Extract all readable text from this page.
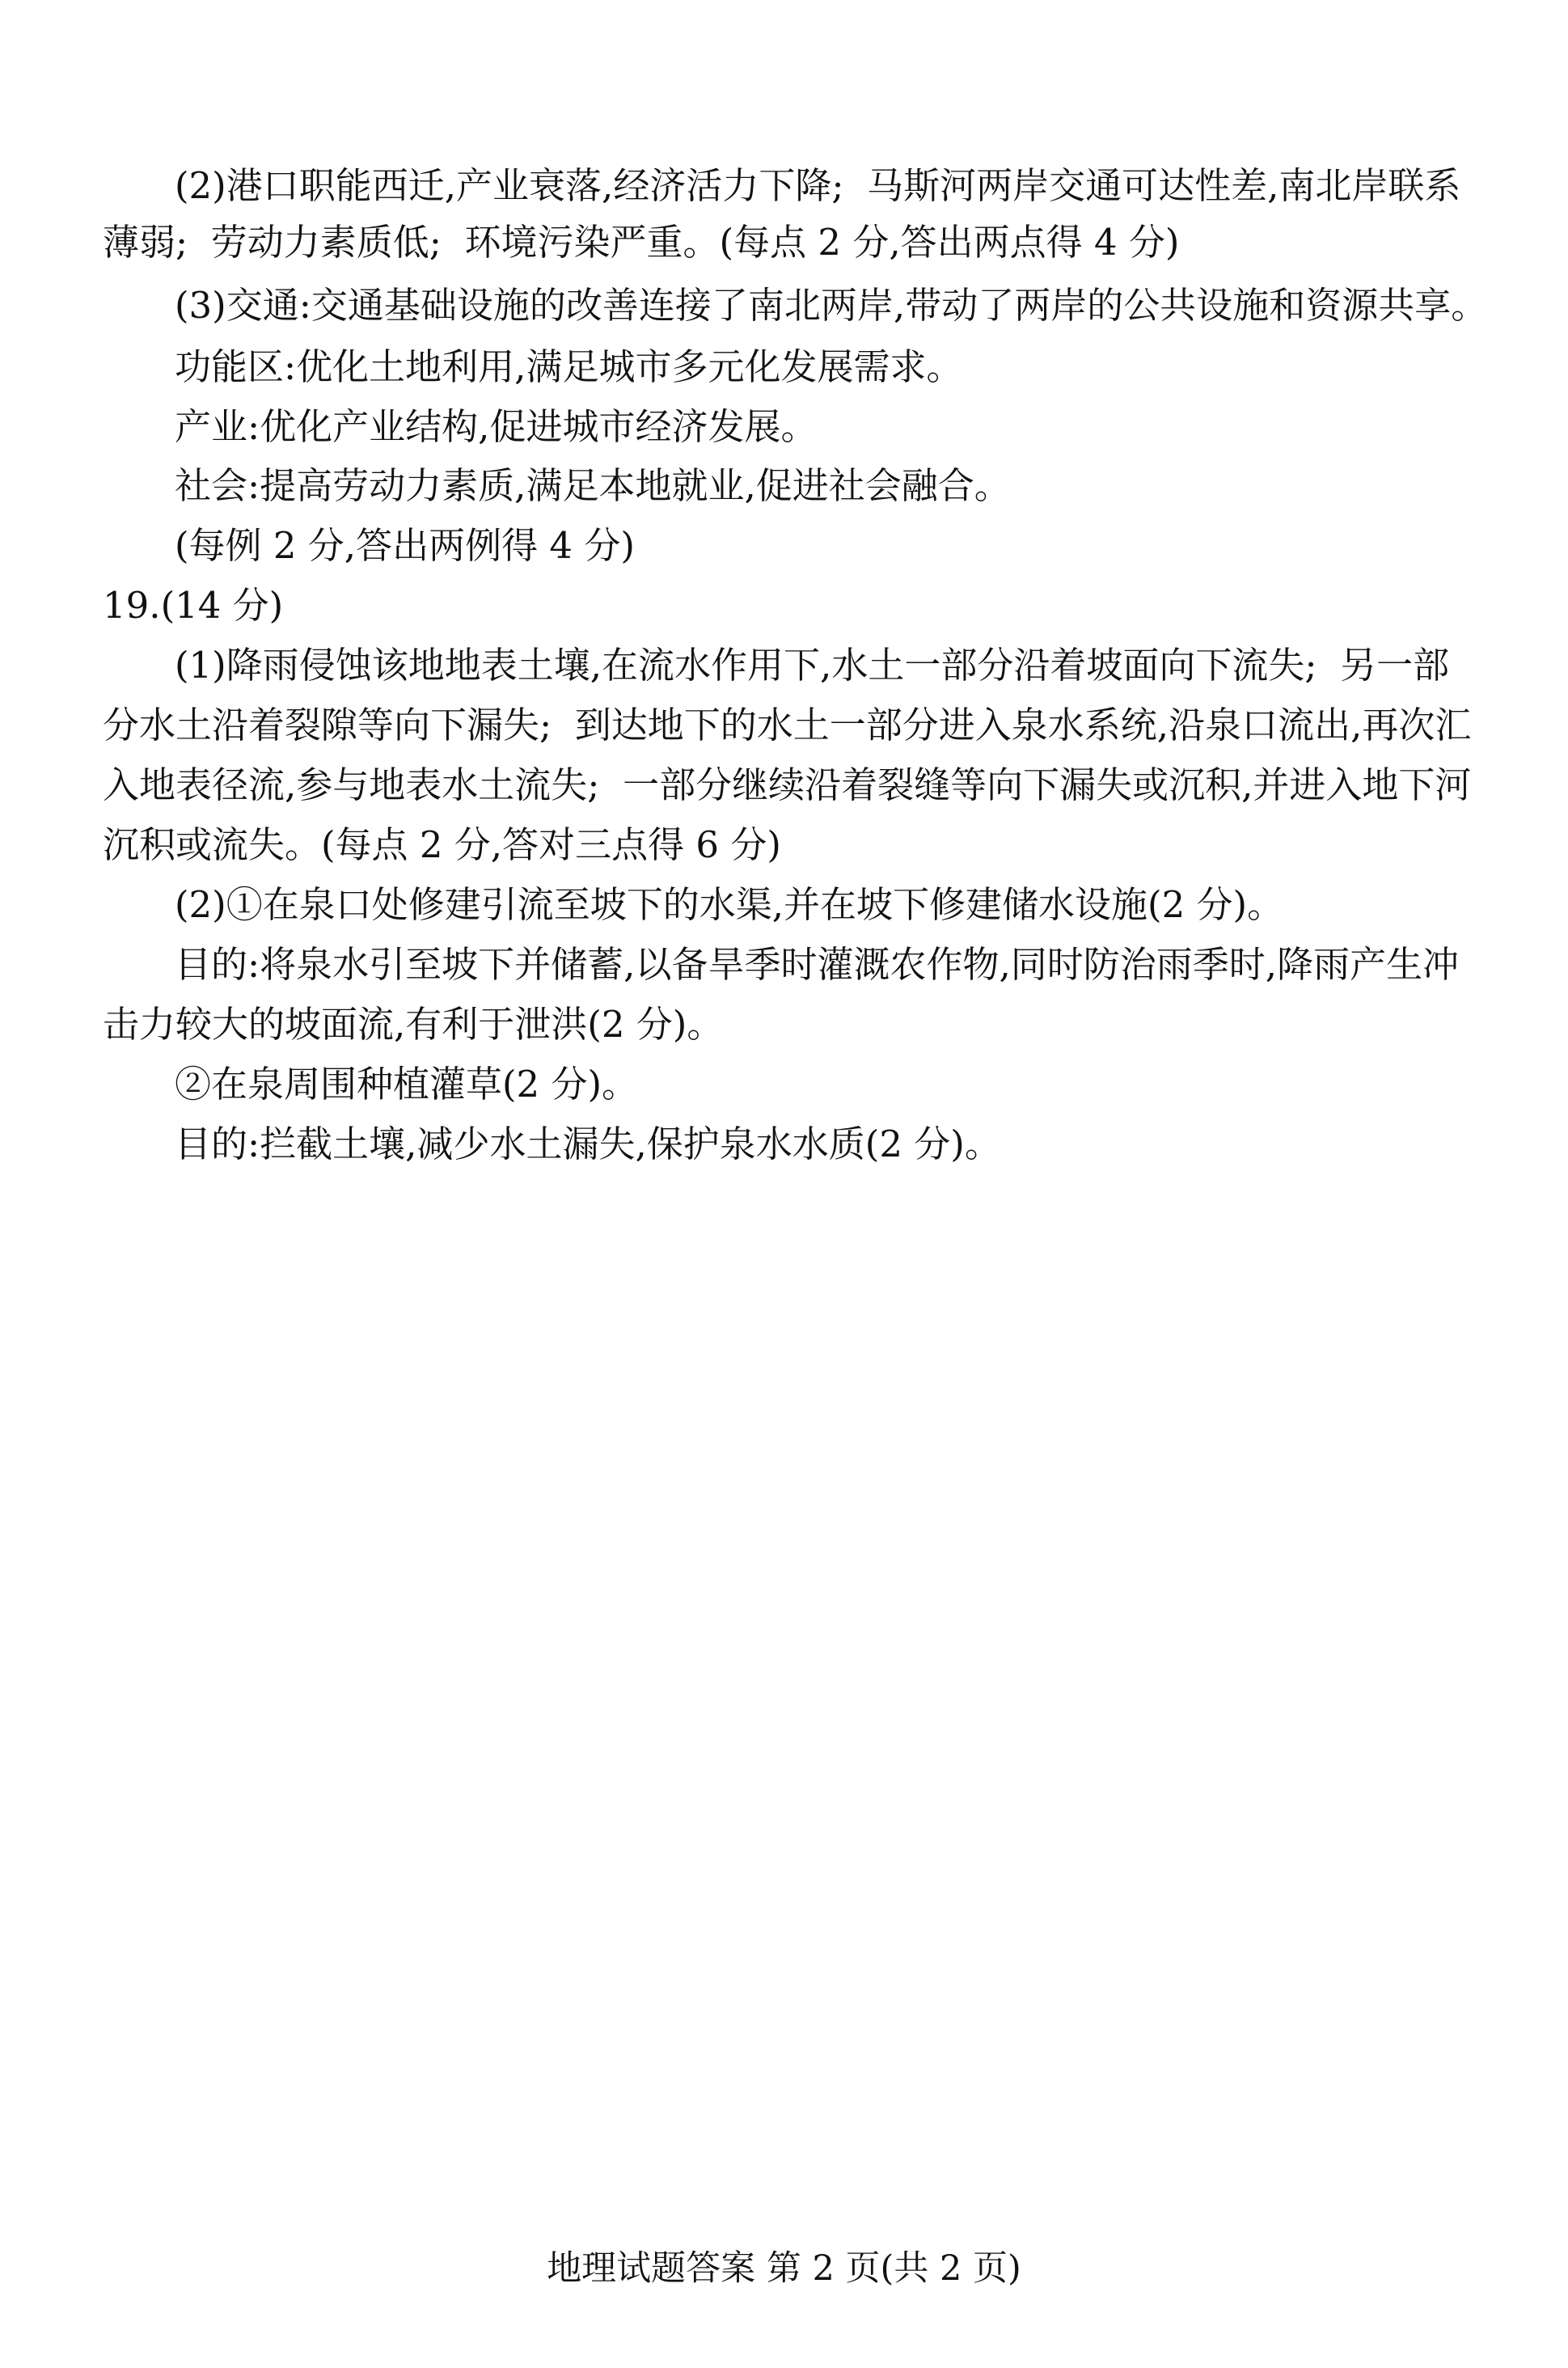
(2)港口职能西迁,产业衰落,经济活力下降;  马斯河两岸交通可达性差,南北岸联系
薄弱;  劳动力素质低;  环境污染严重。(每点 2 分,答出两点得 4 分)
(3)交通:交通基础设施的改善连接了南北两岸,带动了两岸的公共设施和资源共享。
功能区:优化土地利用,满足城市多元化发展需求。
产业:优化产业结构,促进城市经济发展。
社会:提高劳动力素质,满足本地就业,促进社会融合。
(每例 2 分,答出两例得 4 分)
19.(14 分)
(1)降雨侵蚀该地地表土壤,在流水作用下,水土一部分沿着坡面向下流失;  另一部
分水土沿着裂隙等向下漏失;  到达地下的水土一部分进入泉水系统,沿泉口流出,再次汇
入地表径流,参与地表水土流失;  一部分继续沿着裂缝等向下漏失或沉积,并进入地下河
沉积或流失。(每点 2 分,答对三点得 6 分)
(2)①在泉口处修建引流至坡下的水渠,并在坡下修建储水设施(2 分)。
目的:将泉水引至坡下并储蓄,以备旱季时灌溉农作物,同时防治雨季时,降雨产生冲
击力较大的坡面流,有利于泄洪(2 分)。
②在泉周围种植灌草(2 分)。
目的:拦截土壤,减少水土漏失,保护泉水水质(2 分)。
地理试题答案 第 2 页(共 2 页)
